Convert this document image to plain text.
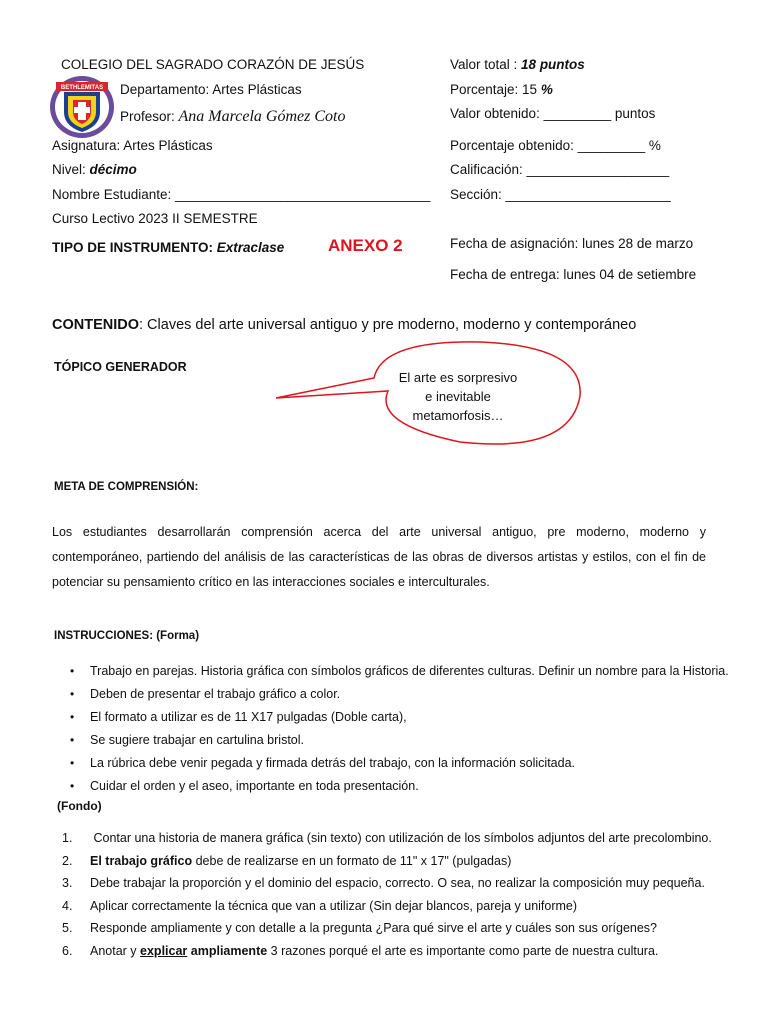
BETHLEMITAS
COLEGIO DEL SAGRADO CORAZÓN DE JESÚS
Departamento: Artes Plásticas
Profesor: Ana Marcela Gómez Coto
Asignatura: Artes Plásticas
Nivel: décimo
Nombre Estudiante: __________________________________
Curso Lectivo 2023 II SEMESTRE
TIPO DE INSTRUMENTO: Extraclase	ANEXO 2
Valor total : 18 puntos
Porcentaje: 15 %
Valor obtenido: _________ puntos
Porcentaje obtenido: _________ %
Calificación: ___________________
Sección: ______________________
Fecha de asignación: lunes 28 de marzo
Fecha de entrega: lunes 04 de setiembre
CONTENIDO: Claves del arte universal antiguo y pre moderno, moderno y contemporáneo
TÓPICO GENERADOR
El arte es sorpresivo
e inevitable
metamorfosis…
META DE COMPRENSIÓN:
Los estudiantes desarrollarán comprensión acerca del arte universal antiguo, pre moderno, moderno y
contemporáneo, partiendo del análisis de las características de las obras de diversos artistas y estilos, con el fin de
potenciar su pensamiento crítico en las interacciones sociales e interculturales.
INSTRUCCIONES: (Forma)
• Trabajo en parejas. Historia gráfica con símbolos gráficos de diferentes culturas. Definir un nombre para la Historia.
• Deben de presentar el trabajo gráfico a color.
• El formato a utilizar es de 11 X17 pulgadas (Doble carta),
• Se sugiere trabajar en cartulina bristol.
• La rúbrica debe venir pegada y firmada detrás del trabajo, con la información solicitada.
• Cuidar el orden y el aseo, importante en toda presentación.
(Fondo)
1. Contar una historia de manera gráfica (sin texto) con utilización de los símbolos adjuntos del arte precolombino.
2. El trabajo gráfico debe de realizarse en un formato de 11" x 17" (pulgadas)
3. Debe trabajar la proporción y el dominio del espacio, correcto. O sea, no realizar la composición muy pequeña.
4. Aplicar correctamente la técnica que van a utilizar (Sin dejar blancos, pareja y uniforme)
5. Responde ampliamente y con detalle a la pregunta ¿Para qué sirve el arte y cuáles son sus orígenes?
6. Anotar y explicar ampliamente 3 razones porqué el arte es importante como parte de nuestra cultura.
